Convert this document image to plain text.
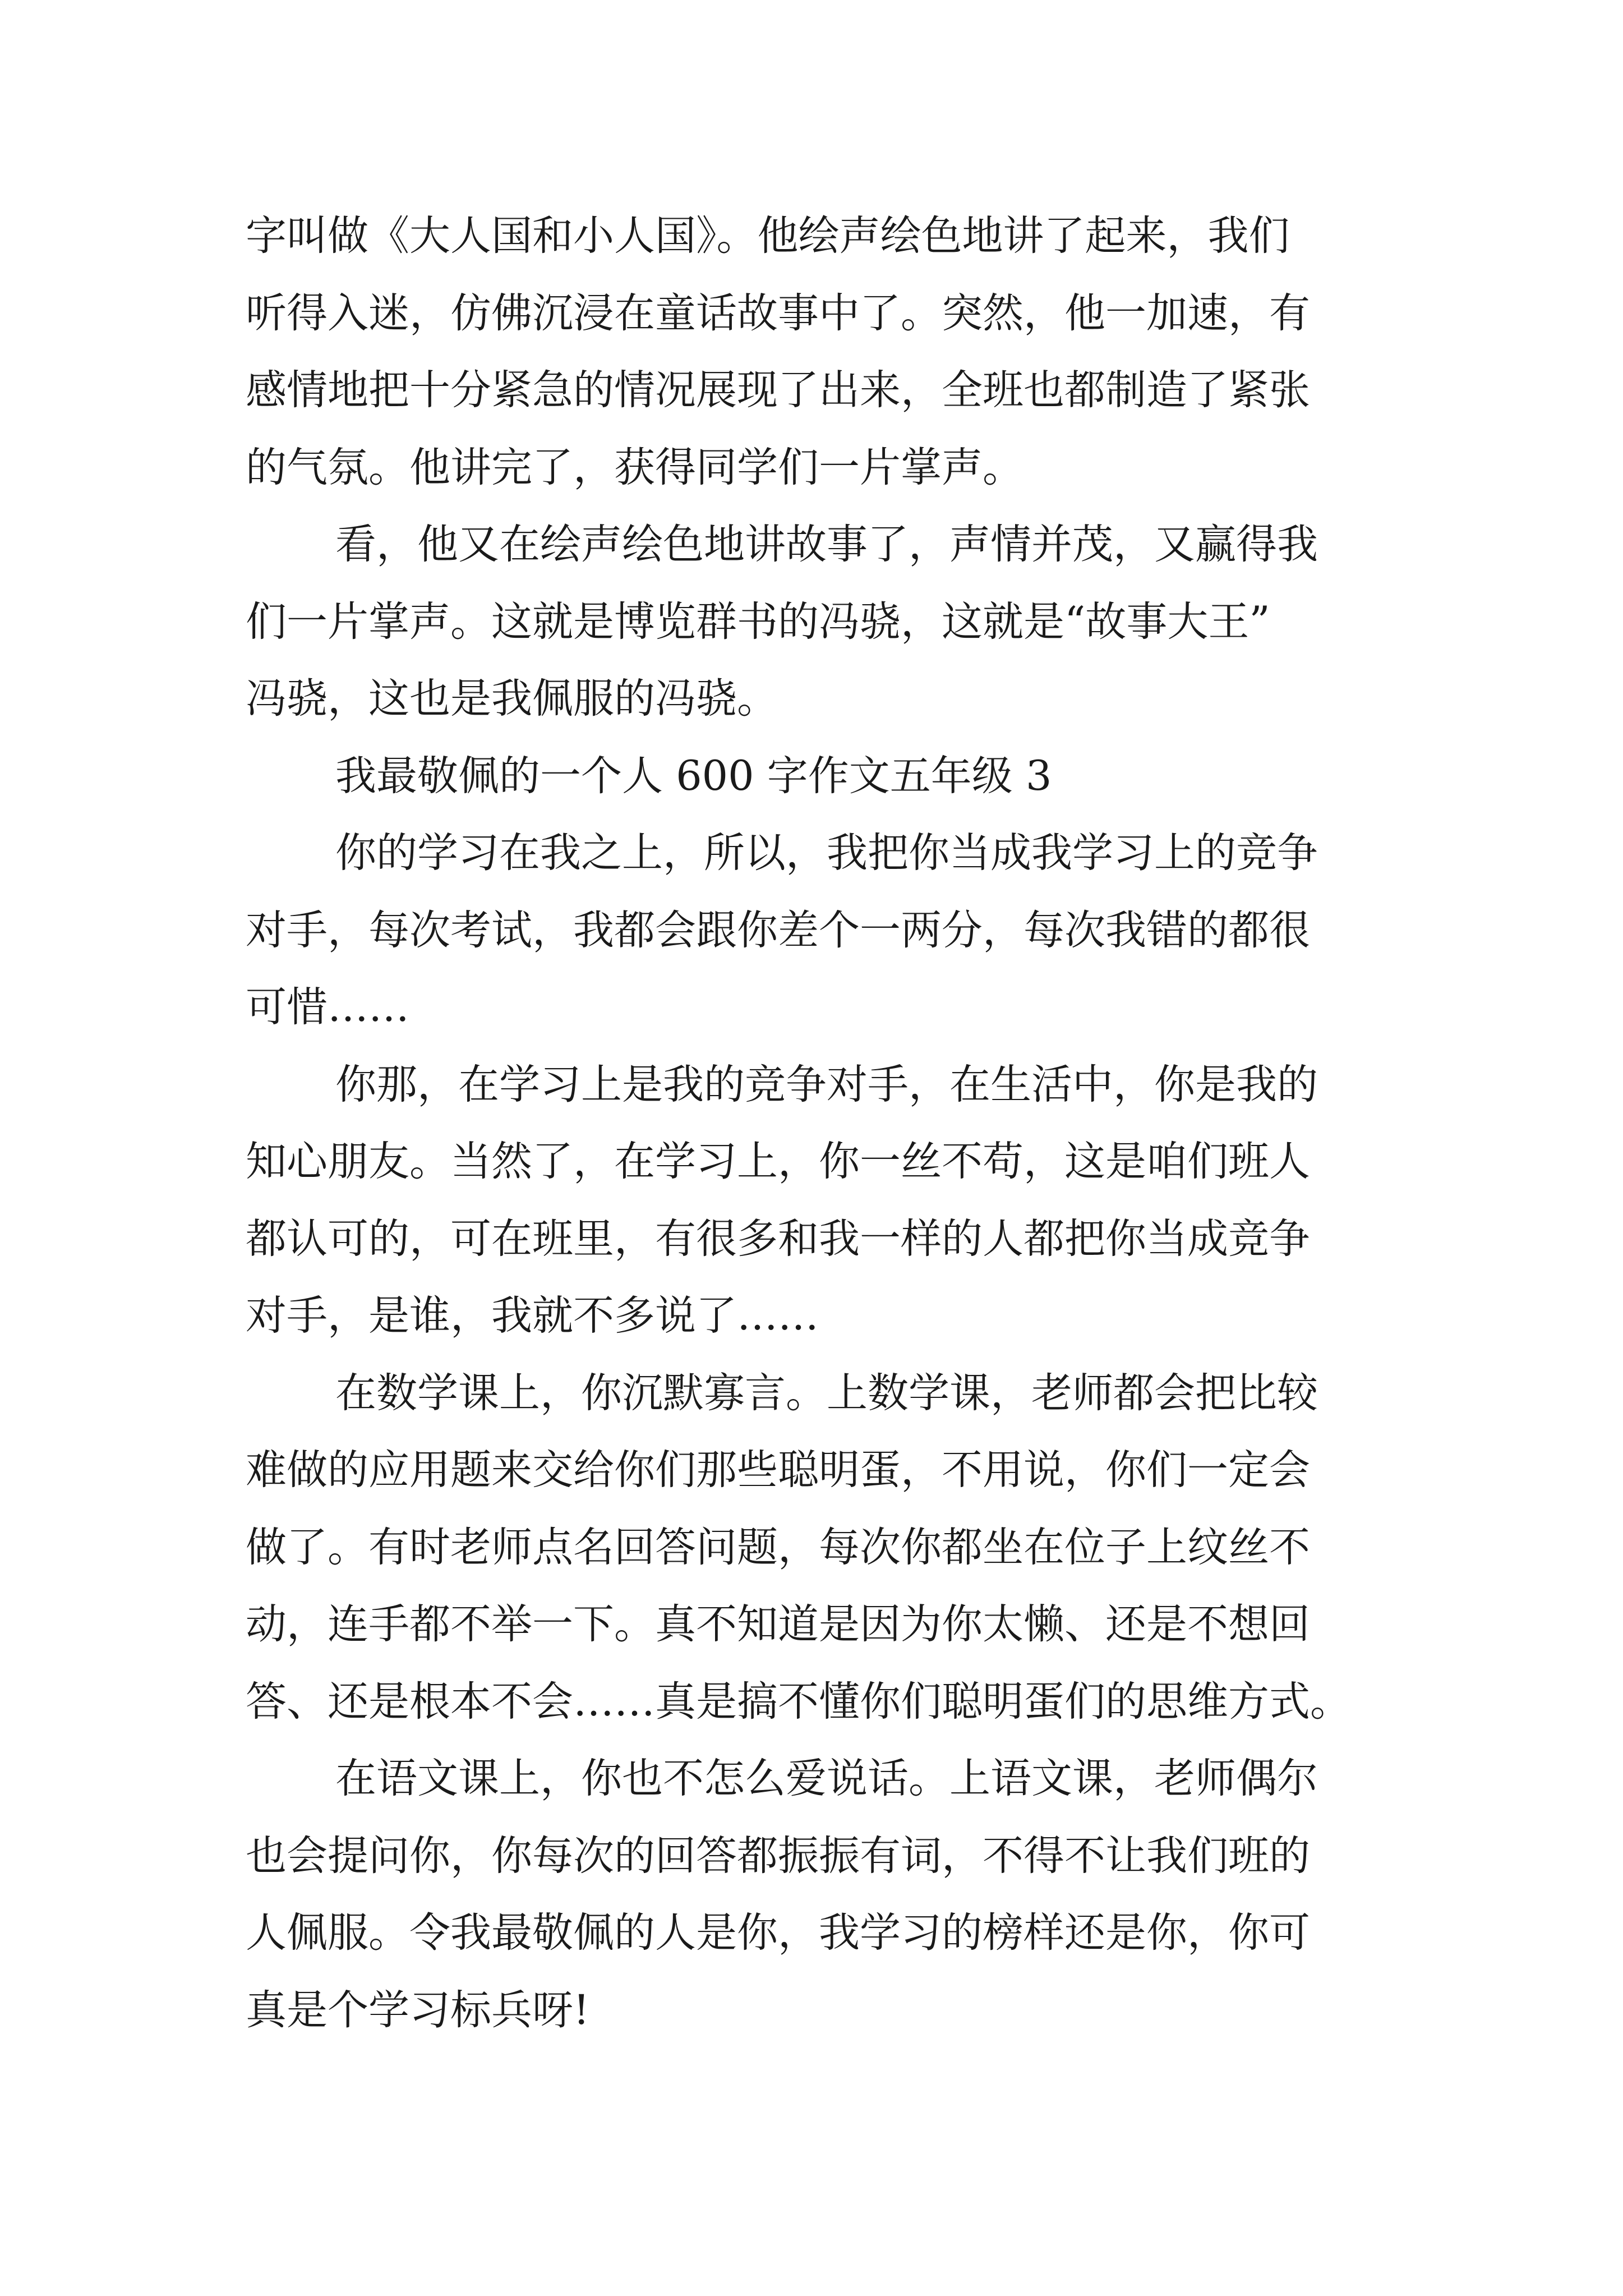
字叫做《大人国和小人国》。他绘声绘色地讲了起来，我们
听得入迷，仿佛沉浸在童话故事中了。突然，他一加速，有
感情地把十分紧急的情况展现了出来，全班也都制造了紧张
的气氛。他讲完了，获得同学们一片掌声。
看，他又在绘声绘色地讲故事了，声情并茂，又赢得我
们一片掌声。这就是博览群书的冯骁，这就是“故事大王”
冯骁，这也是我佩服的冯骁。
我最敬佩的一个人 600 字作文五年级 3
你的学习在我之上，所以，我把你当成我学习上的竞争
对手，每次考试，我都会跟你差个一两分，每次我错的都很
可惜……
你那，在学习上是我的竞争对手，在生活中，你是我的
知心朋友。当然了，在学习上，你一丝不苟，这是咱们班人
都认可的，可在班里，有很多和我一样的人都把你当成竞争
对手，是谁，我就不多说了……
在数学课上，你沉默寡言。上数学课，老师都会把比较
难做的应用题来交给你们那些聪明蛋，不用说，你们一定会
做了。有时老师点名回答问题，每次你都坐在位子上纹丝不
动，连手都不举一下。真不知道是因为你太懒、还是不想回
答、还是根本不会……真是搞不懂你们聪明蛋们的思维方式。
在语文课上，你也不怎么爱说话。上语文课，老师偶尔
也会提问你，你每次的回答都振振有词，不得不让我们班的
人佩服。令我最敬佩的人是你，我学习的榜样还是你，你可
真是个学习标兵呀!
